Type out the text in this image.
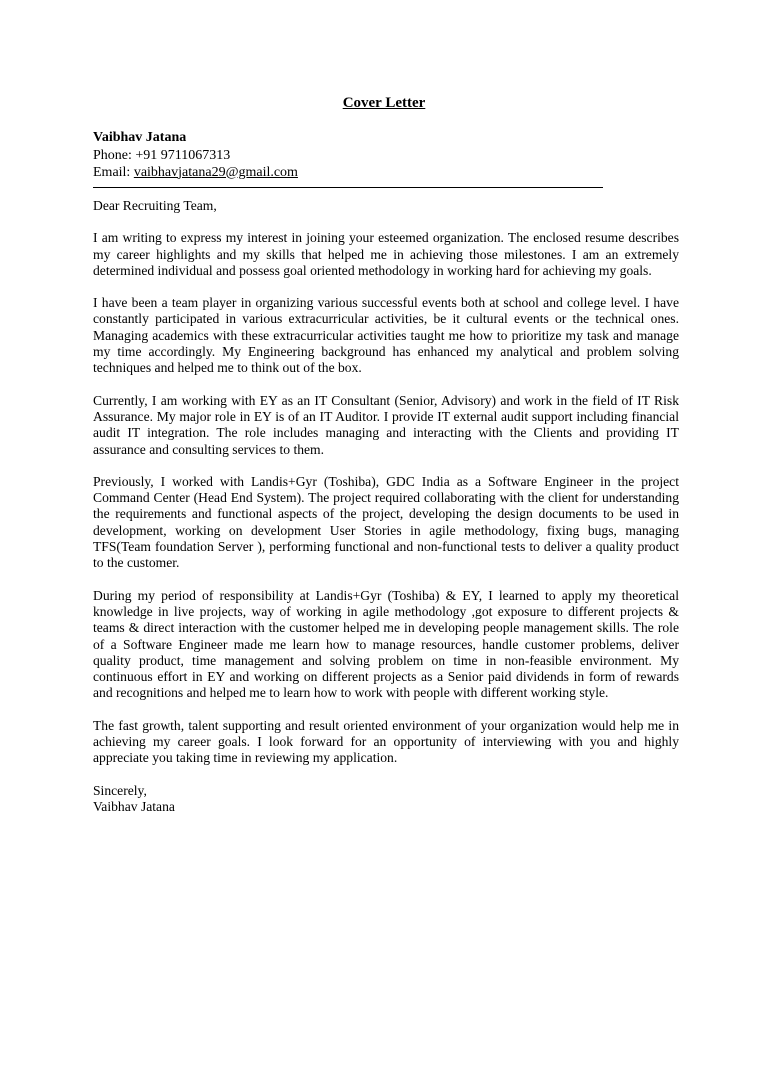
Cover Letter
Vaibhav Jatana
Phone: +91 9711067313
Email: vaibhavjatana29@gmail.com

Dear Recruiting Team,

I am writing to express my interest in joining your esteemed organization. The enclosed resume describes my career highlights and my skills that helped me in achieving those milestones. I am an extremely determined individual and possess goal oriented methodology in working hard for achieving my goals.

I have been a team player in organizing various successful events both at school and college level. I have constantly participated in various extracurricular activities, be it cultural events or the technical ones. Managing academics with these extracurricular activities taught me how to prioritize my task and manage my time accordingly. My Engineering background has enhanced my analytical and problem solving techniques and helped me to think out of the box.

Currently, I am working with EY as an IT Consultant (Senior, Advisory) and work in the field of IT Risk Assurance. My major role in EY is of an IT Auditor. I provide IT external audit support including financial audit IT integration. The role includes managing and interacting with the Clients and providing IT assurance and consulting services to them.

Previously, I worked with Landis+Gyr (Toshiba), GDC India as a Software Engineer in the project Command Center (Head End System). The project required collaborating with the client for understanding the requirements and functional aspects of the project, developing the design documents to be used in development, working on development User Stories in agile methodology, fixing bugs, managing TFS(Team foundation Server ), performing functional and non-functional tests to deliver a quality product to the customer.

During my period of responsibility at Landis+Gyr (Toshiba) & EY, I learned to apply my theoretical knowledge in live projects, way of working in agile methodology ,got exposure to different projects & teams & direct interaction with the customer helped me in developing people management skills. The role of a Software Engineer made me learn how to manage resources, handle customer problems, deliver quality product, time management and solving problem on time in non-feasible environment. My continuous effort in EY and working on different projects as a Senior paid dividends in form of rewards and recognitions and helped me to learn how to work with people with different working style.

The fast growth, talent supporting and result oriented environment of your organization would help me in achieving my career goals. I look forward for an opportunity of interviewing with you and highly appreciate you taking time in reviewing my application.

Sincerely,

Vaibhav Jatana
